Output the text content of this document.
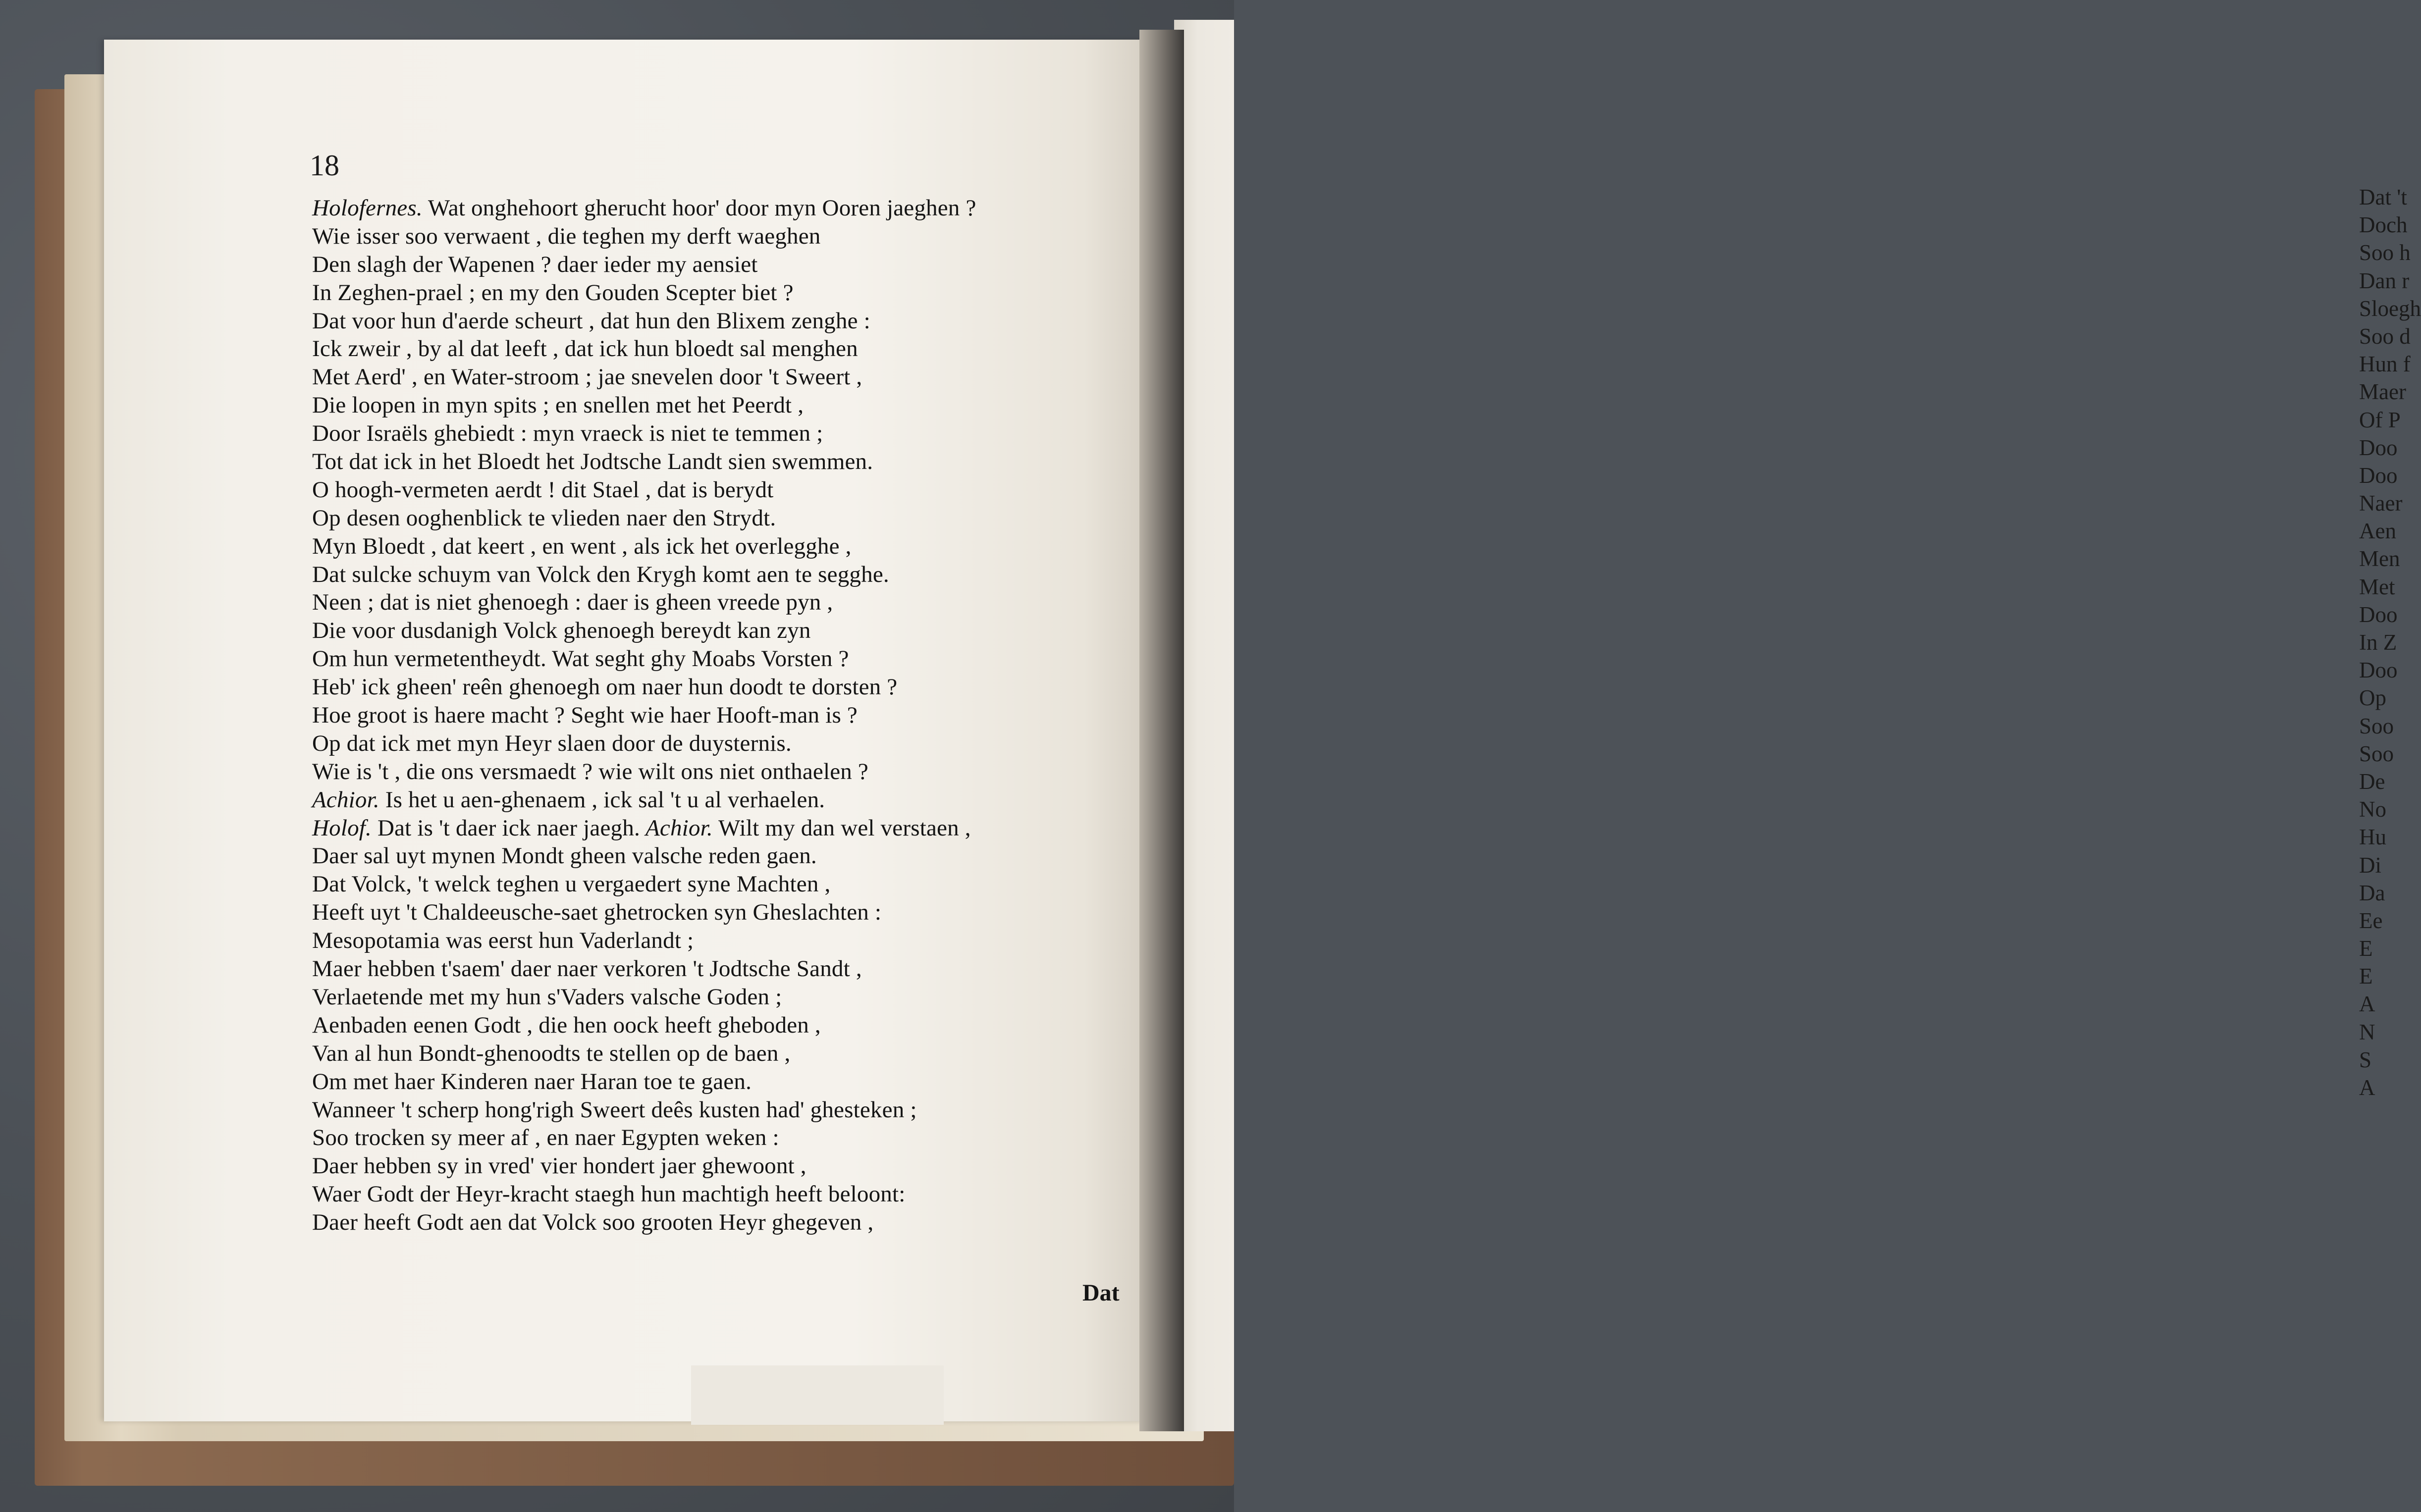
Dat 't
Doch
Soo h
Dan r
Sloegh
Soo d
Hun f
Maer
Of P
Doo
Doo
Naer
Aen
Men
Met
Doo
In Z
Doo
Op
Soo
Soo
De
No
Hu
Di
Da
Ee
E
E
A
N
S
A
18
Holofernes. Wat onghehoort gherucht hoor' door myn Ooren jaeghen ?
Wie isser soo verwaent , die teghen my derft waeghen
Den slagh der Wapenen ? daer ieder my aensiet
In Zeghen-prael ; en my den Gouden Scepter biet ?
Dat voor hun d'aerde scheurt , dat hun den Blixem zenghe :
Ick zweir , by al dat leeft , dat ick hun bloedt sal menghen
Met Aerd' , en Water-stroom ; jae snevelen door 't Sweert ,
Die loopen in myn spits ; en snellen met het Peerdt ,
Door Israëls ghebiedt : myn vraeck is niet te temmen ;
Tot dat ick in het Bloedt het Jodtsche Landt sien swemmen.
O hoogh-vermeten aerdt ! dit Stael , dat is berydt
Op desen ooghenblick te vlieden naer den Strydt.
Myn Bloedt , dat keert , en went , als ick het overlegghe ,
Dat sulcke schuym van Volck den Krygh komt aen te segghe.
Neen ; dat is niet ghenoegh : daer is gheen vreede pyn ,
Die voor dusdanigh Volck ghenoegh bereydt kan zyn
Om hun vermetentheydt. Wat seght ghy Moabs Vorsten ?
Heb' ick gheen' reên ghenoegh om naer hun doodt te dorsten ?
Hoe groot is haere macht ? Seght wie haer Hooft-man is ?
Op dat ick met myn Heyr slaen door de duysternis.
Wie is 't , die ons versmaedt ? wie wilt ons niet onthaelen ?
Achior. Is het u aen-ghenaem , ick sal 't u al verhaelen.
Holof. Dat is 't daer ick naer jaegh. Achior. Wilt my dan wel verstaen ,
Daer sal uyt mynen Mondt gheen valsche reden gaen.
Dat Volck, 't welck teghen u vergaedert syne Machten ,
Heeft uyt 't Chaldeeusche-saet ghetrocken syn Gheslachten :
Mesopotamia was eerst hun Vaderlandt ;
Maer hebben t'saem' daer naer verkoren 't Jodtsche Sandt ,
Verlaetende met my hun s'Vaders valsche Goden ;
Aenbaden eenen Godt , die hen oock heeft gheboden ,
Van al hun Bondt-ghenoodts te stellen op de baen ,
Om met haer Kinderen naer Haran toe te gaen.
Wanneer 't scherp hong'righ Sweert deês kusten had' ghesteken ;
Soo trocken sy meer af , en naer Egypten weken :
Daer hebben sy in vred' vier hondert jaer ghewoont ,
Waer Godt der Heyr-kracht staegh hun machtigh heeft beloont:
Daer heeft Godt aen dat Volck soo grooten Heyr ghegeven ,
Dat
